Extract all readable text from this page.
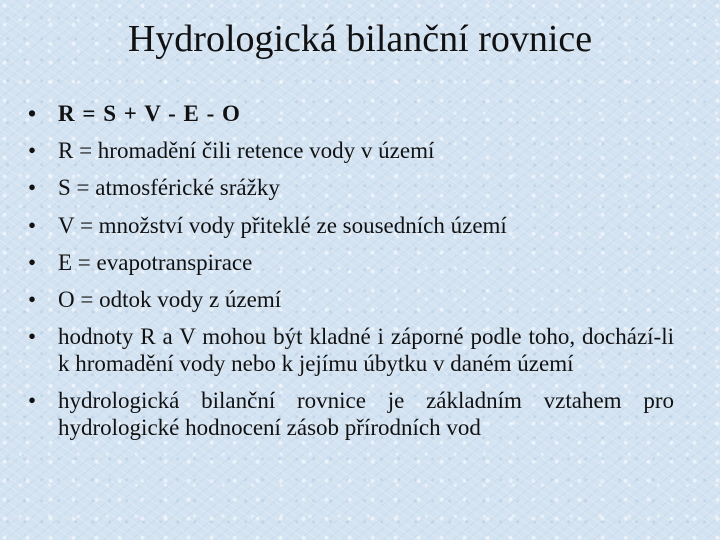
Hydrologická bilanční rovnice
• R = S + V - E - O
• R = hromadění čili retence vody v území
• S = atmosférické srážky
• V = množství vody přiteklé ze sousedních území
• E = evapotranspirace
• O = odtok vody z území
• hodnoty R a V mohou být kladné i záporné podle toho, dochází-li k hromadění vody nebo k jejímu úbytku v daném území
• hydrologická bilanční rovnice je základním vztahem pro hydrologické hodnocení zásob přírodních vod
